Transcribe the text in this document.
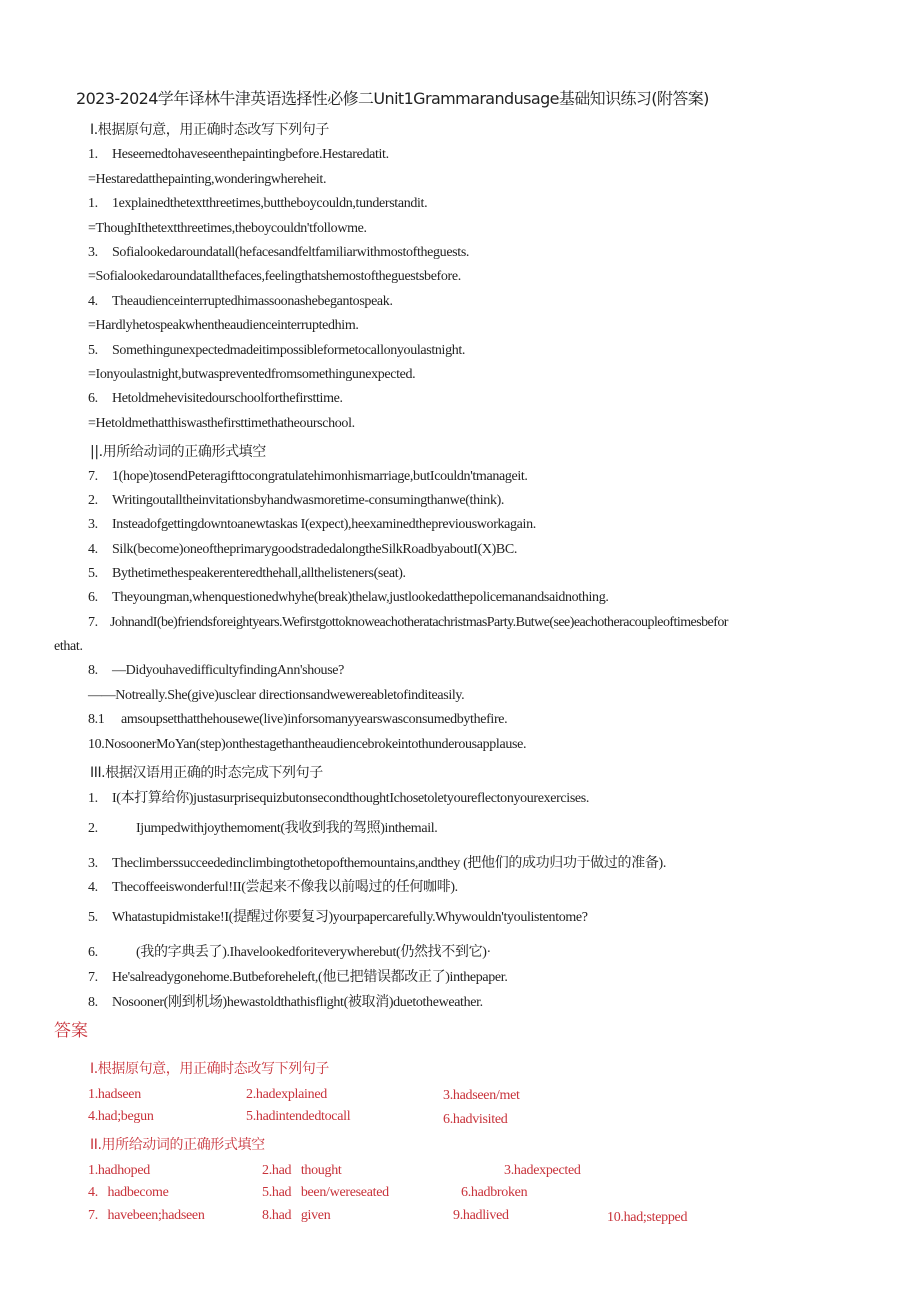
2023-2024学年译林牛津英语选择性必修二Unit1Grammarandusage基础知识练习(附答案)
I.根据原句意，用正确时态改写下列句子
1. Heseemedtohaveseenthepaintingbefore.Hestaredatit.
=Hestaredatthepainting,wonderingwhereheit.
1. 1explainedthetextthreetimes,buttheboycouldn,tunderstandit.
=ThoughIthetextthreetimes,theboycouldn'tfollowme.
3. Sofialookedaroundatall(hefacesandfeltfamiliarwithmostoftheguests.
=Sofialookedaroundatallthefaces,feelingthatshemostoftheguestsbefore.
4. Theaudienceinterruptedhimassoonashebegantospeak.
=Hardlyhetospeakwhentheaudienceinterruptedhim.
5. Somethingunexpectedmadeitimpossibleformetocallonyoulastnight.
=Ionyoulastnight,butwaspreventedfromsomethingunexpected.
6. Hetoldmehevisitedourschoolforthefirsttime.
=Hetoldmethatthiswasthefirsttimethatheourschool.
||.用所给动词的正确形式填空
7. 1(hope)tosendPeteragifttocongratulatehimonhismarriage,butIcouldn'tmanageit.
2. Writingoutalltheinvitationsbyhandwasmoretime-consumingthanwe(think).
3. Insteadofgettingdowntoanewtaskas I(expect),heexaminedthepreviousworkagain.
4. Silk(become)oneoftheprimarygoodstradedalongtheSilkRoadbyaboutI(X)BC.
5. Bythetimethespeakerenteredthehall,allthelisteners(seat).
6. Theyoungman,whenquestionedwhyhe(break)thelaw,justlookedatthepolicemanandsaidnothing.
7. JohnandI(be)friendsforeightyears.WefirstgottoknoweachotheratachristmasParty.Butwe(see)eachotheracoupleoftimesbefor
ethat.
8. —DidyouhavedifficultyfindingAnn'shouse?
——Notreally.She(give)usclear directionsandwewereabletofinditeasily.
8.1 amsoupsetthatthehousewe(live)inforsomanyyearswasconsumedbythefire.
10.NosoonerMoYan(step)onthestagethantheaudiencebrokeintothunderousapplause.
III.根据汉语用正确的时态完成下列句子
1. I(本打算给你)justasurprisequizbutonsecondthoughtIchosetoletyoureflectonyourexercises.
2.	Ijumpedwithjoythemoment(我收到我的驾照)inthemail.
3. Theclimberssucceededinclimbingtothetopofthemountains,andthey (把他们的成功归功于做过的准备).
4. Thecoffeeiswonderful!II(尝起来不像我以前喝过的任何咖啡).
5. Whatastupidmistake!I(提醒过你要复习)yourpapercarefully.Whywouldn'tyoulistentome?
6.	(我的字典丢了).Ihavelookedforiteverywherebut(仍然找不到它)·
7. He'salreadygonehome.Butbeforeheleft,(他已把错误都改正了)inthepaper.
8. Nosooner(刚到机场)hewastoldthathisflight(被取消)duetotheweather.
答案
I.根据原句意，用正确时态改写下列句子
1.hadseen	2.hadexplained	3.hadseen/met
4.had;begun	5.hadintendedtocall	6.hadvisited
II.用所给动词的正确形式填空
1.hadhoped	2.had   thought	3.hadexpected
4.   hadbecome	5.had   been/wereseated	6.hadbroken
7.   havebeen;hadseen	8.had   given	9.hadlived	10.had;stepped
